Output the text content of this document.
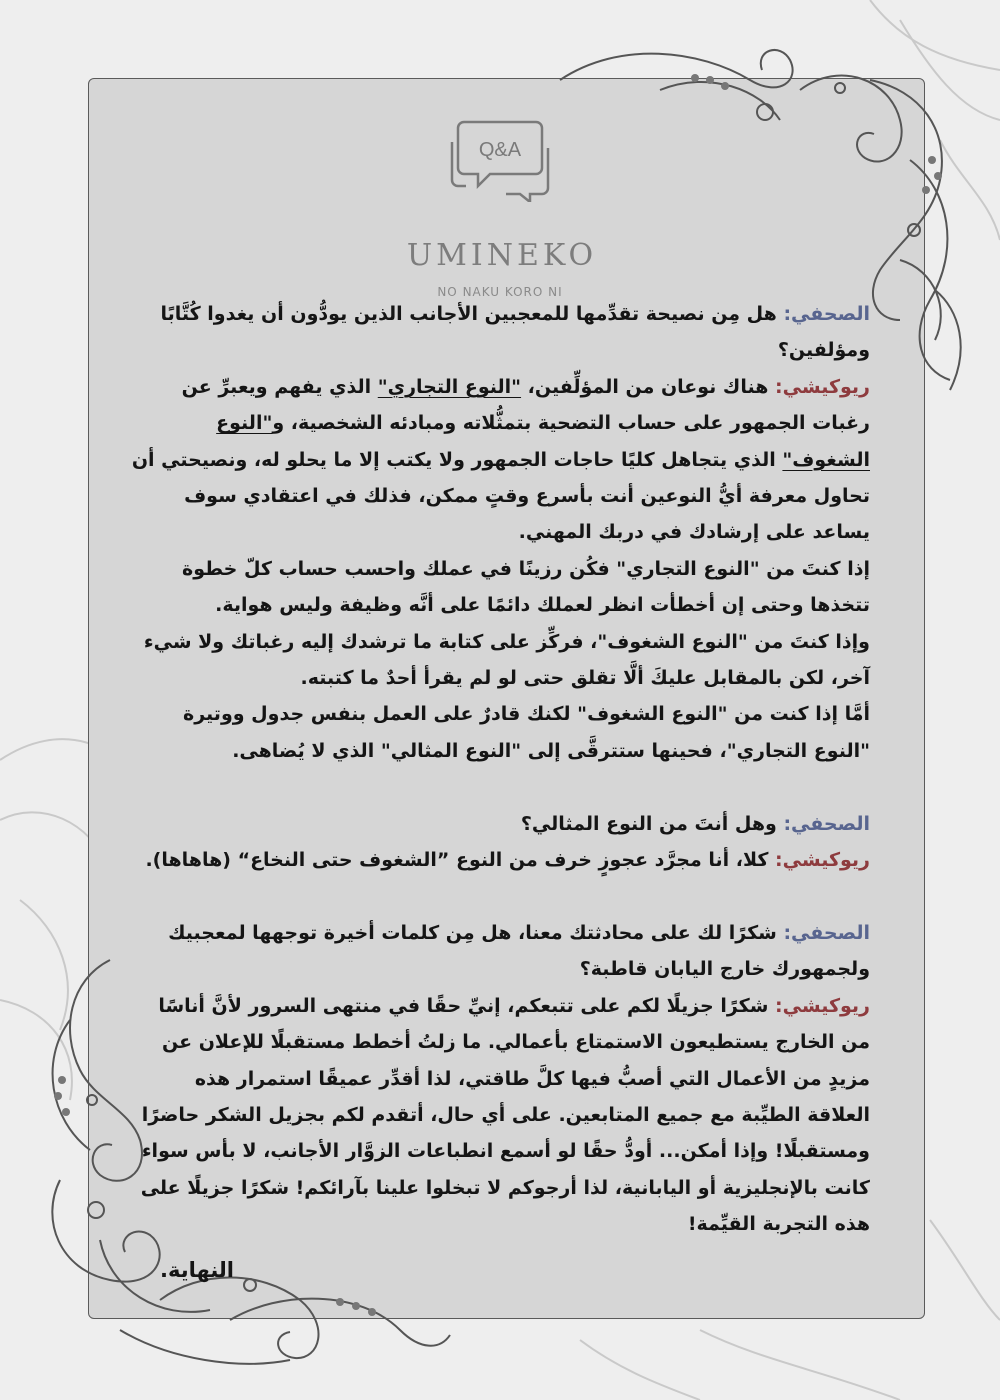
Q&A
UMINEKO
NO NAKU KORO NI

الصحفي: هل مِن نصيحة تقدِّمها للمعجبين الأجانب الذين يودُّون أن يغدوا كُتَّابًا ومؤلفين؟

ريوكيشي: هناك نوعان من المؤلِّفين، "النوع التجاري" الذي يفهم ويعبرِّ عن رغبات الجمهور على حساب التضحية بتمثُّلاته ومبادئه الشخصية، و"النوع الشغوف" الذي يتجاهل كليًا حاجات الجمهور ولا يكتب إلا ما يحلو له، ونصيحتي أن تحاول معرفة أيُّ النوعين أنت بأسرع وقتٍ ممكن، فذلك في اعتقادي سوف يساعد على إرشادك في دربك المهني.

إذا كنتَ من "النوع التجاري" فكُن رزينًا في عملك واحسب حساب كلّ خطوة تتخذها وحتى إن أخطأت انظر لعملك دائمًا على أنَّه وظيفة وليس هواية.

وإذا كنتَ من "النوع الشغوف"، فركِّز على كتابة ما ترشدك إليه رغباتك ولا شيء آخر، لكن بالمقابل عليكَ ألَّا تقلق حتى لو لم يقرأ أحدٌ ما كتبته.

أمَّا إذا كنت من "النوع الشغوف" لكنك قادرٌ على العمل بنفس جدول ووتيرة "النوع التجاري"، فحينها ستترقَّى إلى "النوع المثالي" الذي لا يُضاهى.

الصحفي: وهل أنتَ من النوع المثالي؟

ريوكيشي: كلا، أنا مجرَّد عجوزٍ خرف من النوع ”الشغوف حتى النخاع“ (هاهاها).

الصحفي: شكرًا لك على محادثتك معنا، هل مِن كلمات أخيرة توجهها لمعجبيك ولجمهورك خارج اليابان قاطبة؟

ريوكيشي: شكرًا جزيلًا لكم على تتبعكم، إنيِّ حقًا في منتهى السرور لأنَّ أناسًا من الخارج يستطيعون الاستمتاع بأعمالي. ما زلتُ أخطط مستقبلًا للإعلان عن مزيدٍ من الأعمال التي أصبُّ فيها كلَّ طاقتي، لذا أقدِّر عميقًا استمرار هذه العلاقة الطيِّبة مع جميع المتابعين. على أي حال، أتقدم لكم بجزيل الشكر حاضرًا ومستقبلًا! وإذا أمكن... أودُّ حقًا لو أسمع انطباعات الزوَّار الأجانب، لا بأس سواء كانت بالإنجليزية أو اليابانية، لذا أرجوكم لا تبخلوا علينا بآرائكم! شكرًا جزيلًا على هذه التجربة القيِّمة!

النهاية.
